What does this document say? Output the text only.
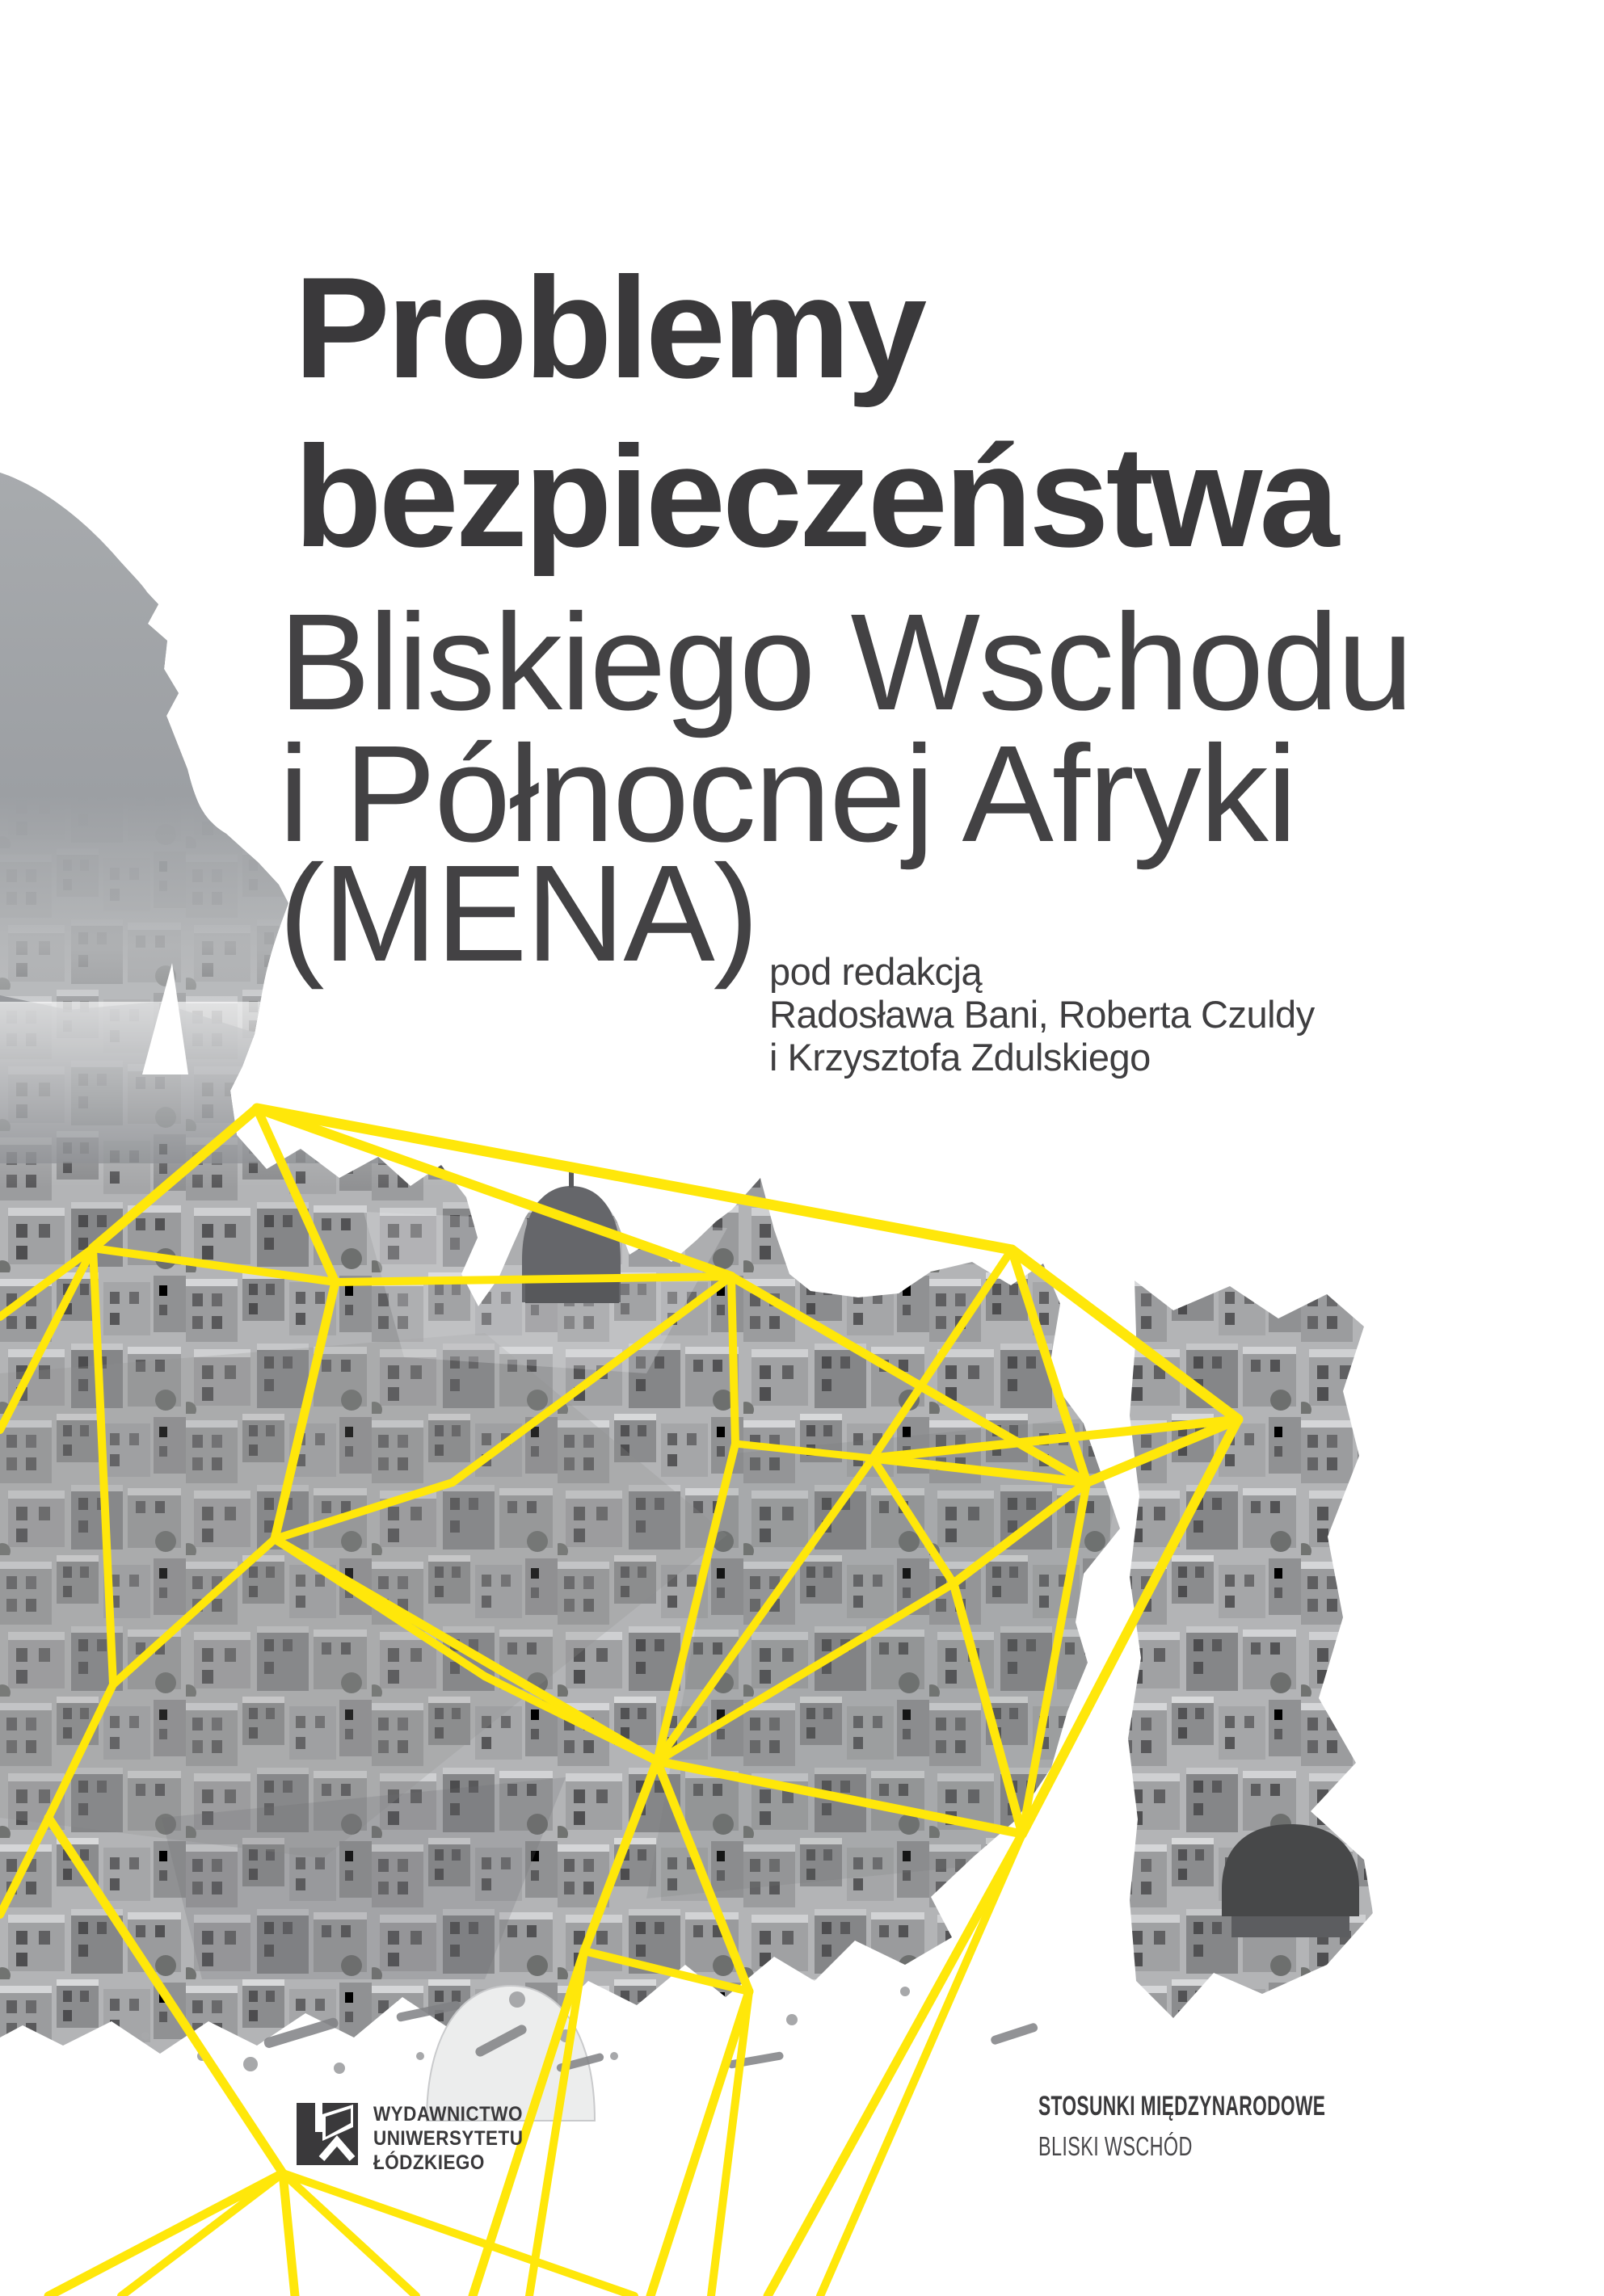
Problemy
bezpieczeństwa
Bliskiego Wschodu
i Północnej Afryki
(MENA) pod redakcją
Radosława Bani, Roberta Czuldy
i Krzysztofa Zdulskiego
WYDAWNICTWO
UNIWERSYTETU
ŁÓDZKIEGO
STOSUNKI MIĘDZYNARODOWE
BLISKI WSCHÓD
